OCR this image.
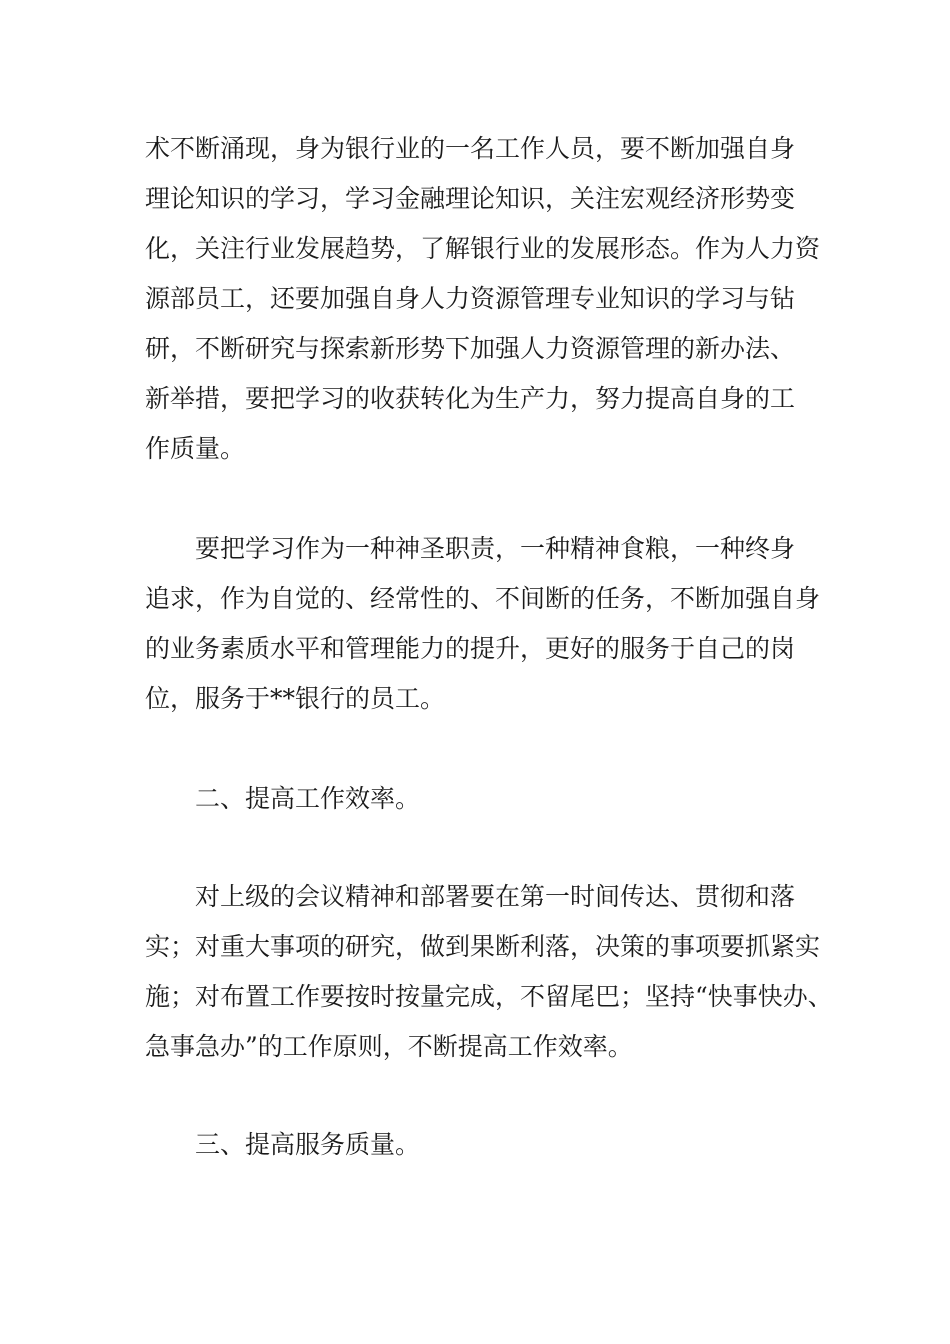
术不断涌现，身为银行业的一名工作人员，要不断加强自身
理论知识的学习，学习金融理论知识，关注宏观经济形势变
化，关注行业发展趋势，了解银行业的发展形态。作为人力资
源部员工，还要加强自身人力资源管理专业知识的学习与钻
研，不断研究与探索新形势下加强人力资源管理的新办法、
新举措，要把学习的收获转化为生产力，努力提高自身的工
作质量。
要把学习作为一种神圣职责，一种精神食粮，一种终身
追求，作为自觉的、经常性的、不间断的任务，不断加强自身
的业务素质水平和管理能力的提升，更好的服务于自己的岗
位，服务于**银行的员工。
二、提高工作效率。
对上级的会议精神和部署要在第一时间传达、贯彻和落
实；对重大事项的研究，做到果断利落，决策的事项要抓紧实
施；对布置工作要按时按量完成，不留尾巴；坚持“快事快办、
急事急办”的工作原则，不断提高工作效率。
三、提高服务质量。
